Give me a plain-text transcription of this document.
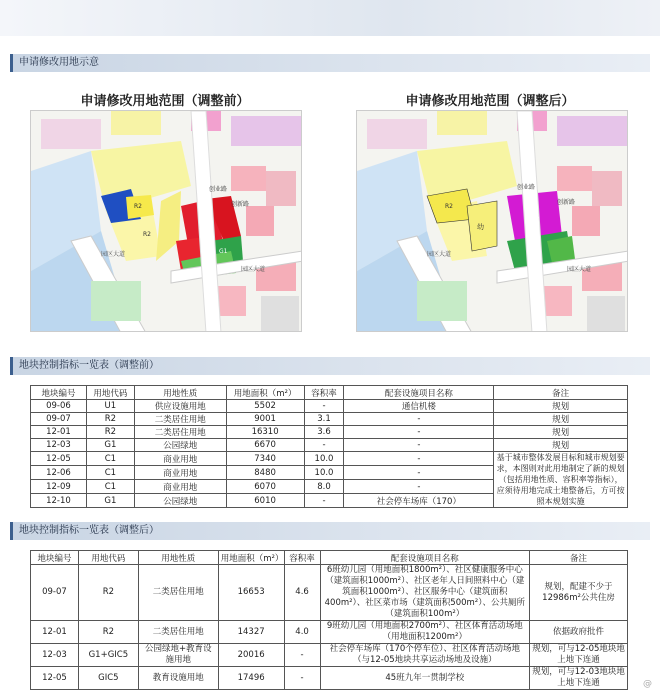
申请修改用地示意
申请修改用地范围（调整前）
园区大道
园区大道
创业路
创新路
R2
R2
C1
G1
申请修改用地范围（调整后）
园区大道
园区大道
创业路
创新路
R2
幼
G1
GIC5
地块控制指标一览表（调整前）
地块编号	用地代码	用地性质	用地面积（m²）	容积率	配套设施项目名称	备注
09-06	U1	供应设施用地	5502	-	通信机楼	规划
09-07	R2	二类居住用地	9001	3.1	-	规划
12-01	R2	二类居住用地	16310	3.6	-	规划
12-03	G1	公园绿地	6670	-	-	规划
12-05	C1	商业用地	7340	10.0	-	基于城市整体发展目标和城市规划要求，本图则对此用地制定了新的规划（包括用地性质、容积率等指标），应须待用地完成土地整备后，方可按照本规划实施
12-06	C1	商业用地	8480	10.0	-	
12-09	C1	商业用地	6070	8.0	-	
12-10	G1	公园绿地	6010	-	社会停车场库（170）	
地块控制指标一览表（调整后）
地块编号	用地代码	用地性质	用地面积（m²）	容积率	配套设施项目名称	备注
09-07	R2	二类居住用地	16653	4.6	6班幼儿园（用地面积1800m²）、社区健康服务中心（建筑面积1000m²）、社区老年人日间照料中心（建筑面积1000m²）、社区服务中心（建筑面积400m²）、社区菜市场（建筑面积500m²）、公共厕所（建筑面积100m²）	规划，配建不少于12986m²公共住房
12-01	R2	二类居住用地	14327	4.0	9班幼儿园（用地面积2700m²）、社区体育活动场地（用地面积1200m²）	依据政府批件
12-03	G1+GIC5	公园绿地+教育设施用地	20016	-	社会停车场库（170个停车位）、社区体育活动场地（与12-05地块共享运动场地及设施）	规划，可与12-05地块地上地下连通
12-05	GIC5	教育设施用地	17496	-	45班九年一贯制学校	规划，可与12-03地块地上地下连通	@
